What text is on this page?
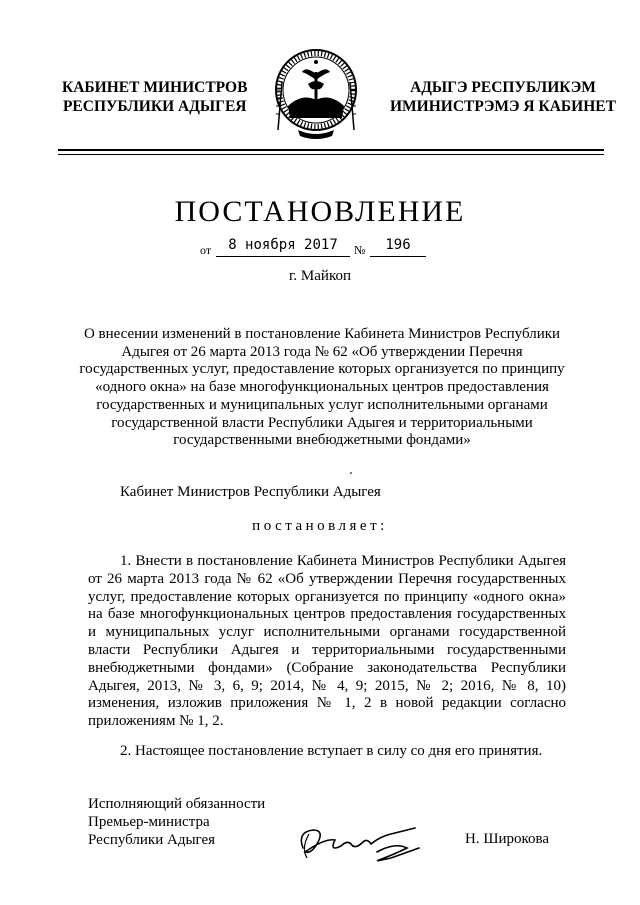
КАБИНЕТ МИНИСТРОВ
РЕСПУБЛИКИ АДЫГЕЯ
АДЫГЭ РЕСПУБЛИКЭМ
ИМИНИСТРЭМЭ Я КАБИНЕТ
ПОСТАНОВЛЕНИЕ
от	8 ноября 2017	№	196
г. Майкоп
О внесении изменений в постановление Кабинета Министров Республики Адыгея от 26 марта 2013 года № 62 «Об утверждении Перечня государственных услуг, предоставление которых организуется по принципу «одного окна» на базе многофункциональных центров предоставления государственных и муниципальных услуг исполнительными органами государственной власти Республики Адыгея и территориальными государственными внебюджетными фондами»
Кабинет Министров Республики Адыгея
постановляет:
1. Внести в постановление Кабинета Министров Республики Адыгея от 26 марта 2013 года № 62 «Об утверждении Перечня государственных услуг, предоставление которых организуется по принципу «одного окна» на базе многофункциональных центров предоставления государственных и муниципальных услуг исполнительными органами государственной власти Республики Адыгея и территориальными государственными внебюджетными фондами» (Собрание законодательства Республики Адыгея, 2013, № 3, 6, 9; 2014, № 4, 9; 2015, № 2; 2016, № 8, 10) изменения, изложив приложения № 1, 2 в новой редакции согласно приложениям № 1, 2.
2. Настоящее постановление вступает в силу со дня его принятия.
Исполняющий обязанности
Премьер-министра
Республики Адыгея	Н. Широкова
